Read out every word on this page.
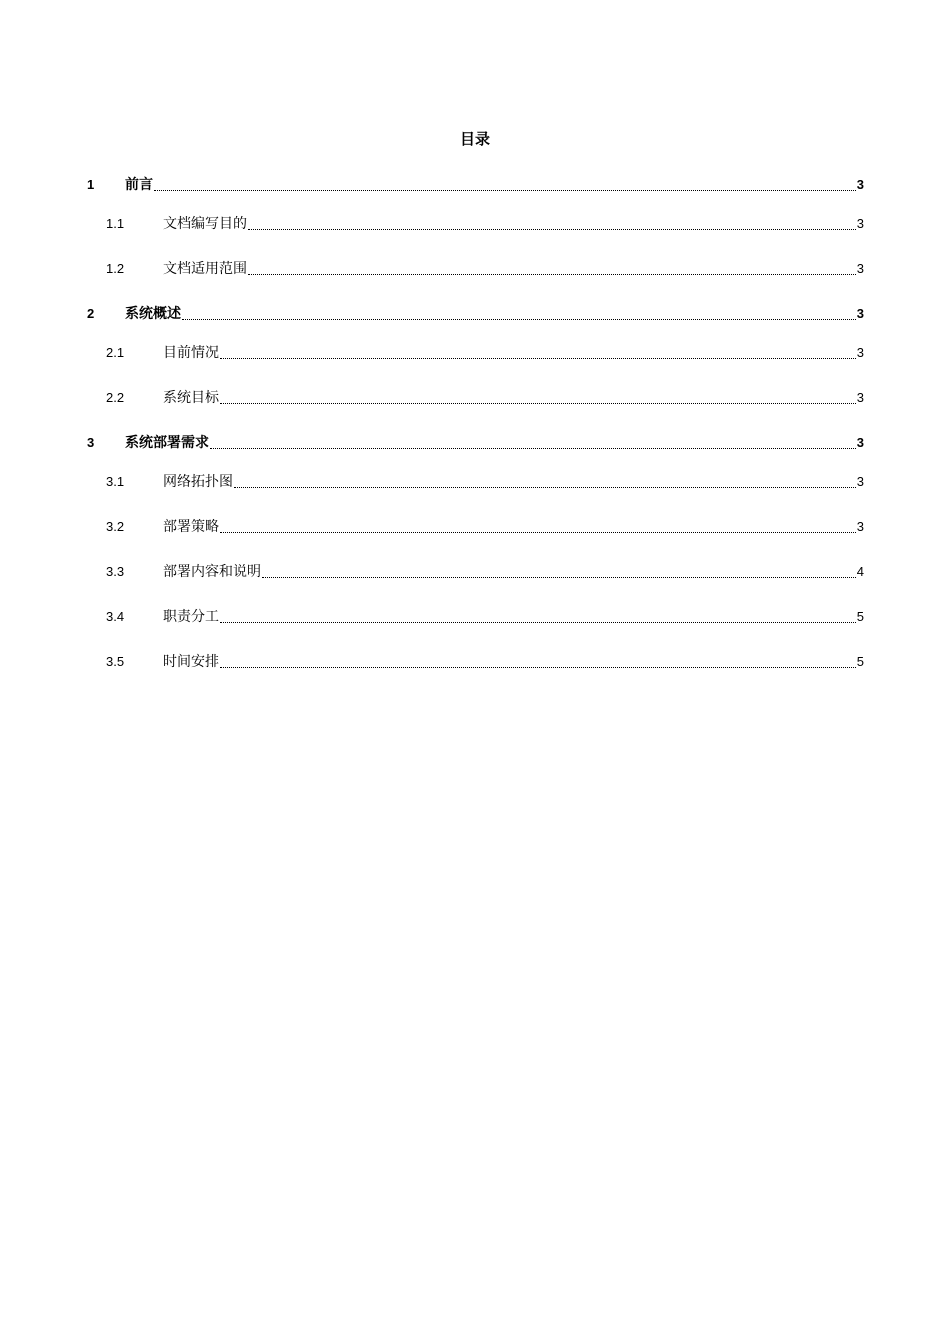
目录
1	前言	3
1.1	文档编写目的	3
1.2	文档适用范围	3
2	系统概述	3
2.1	目前情况	3
2.2	系统目标	3
3	系统部署需求	3
3.1	网络拓扑图	3
3.2	部署策略	3
3.3	部署内容和说明	4
3.4	职责分工	5
3.5	时间安排	5
